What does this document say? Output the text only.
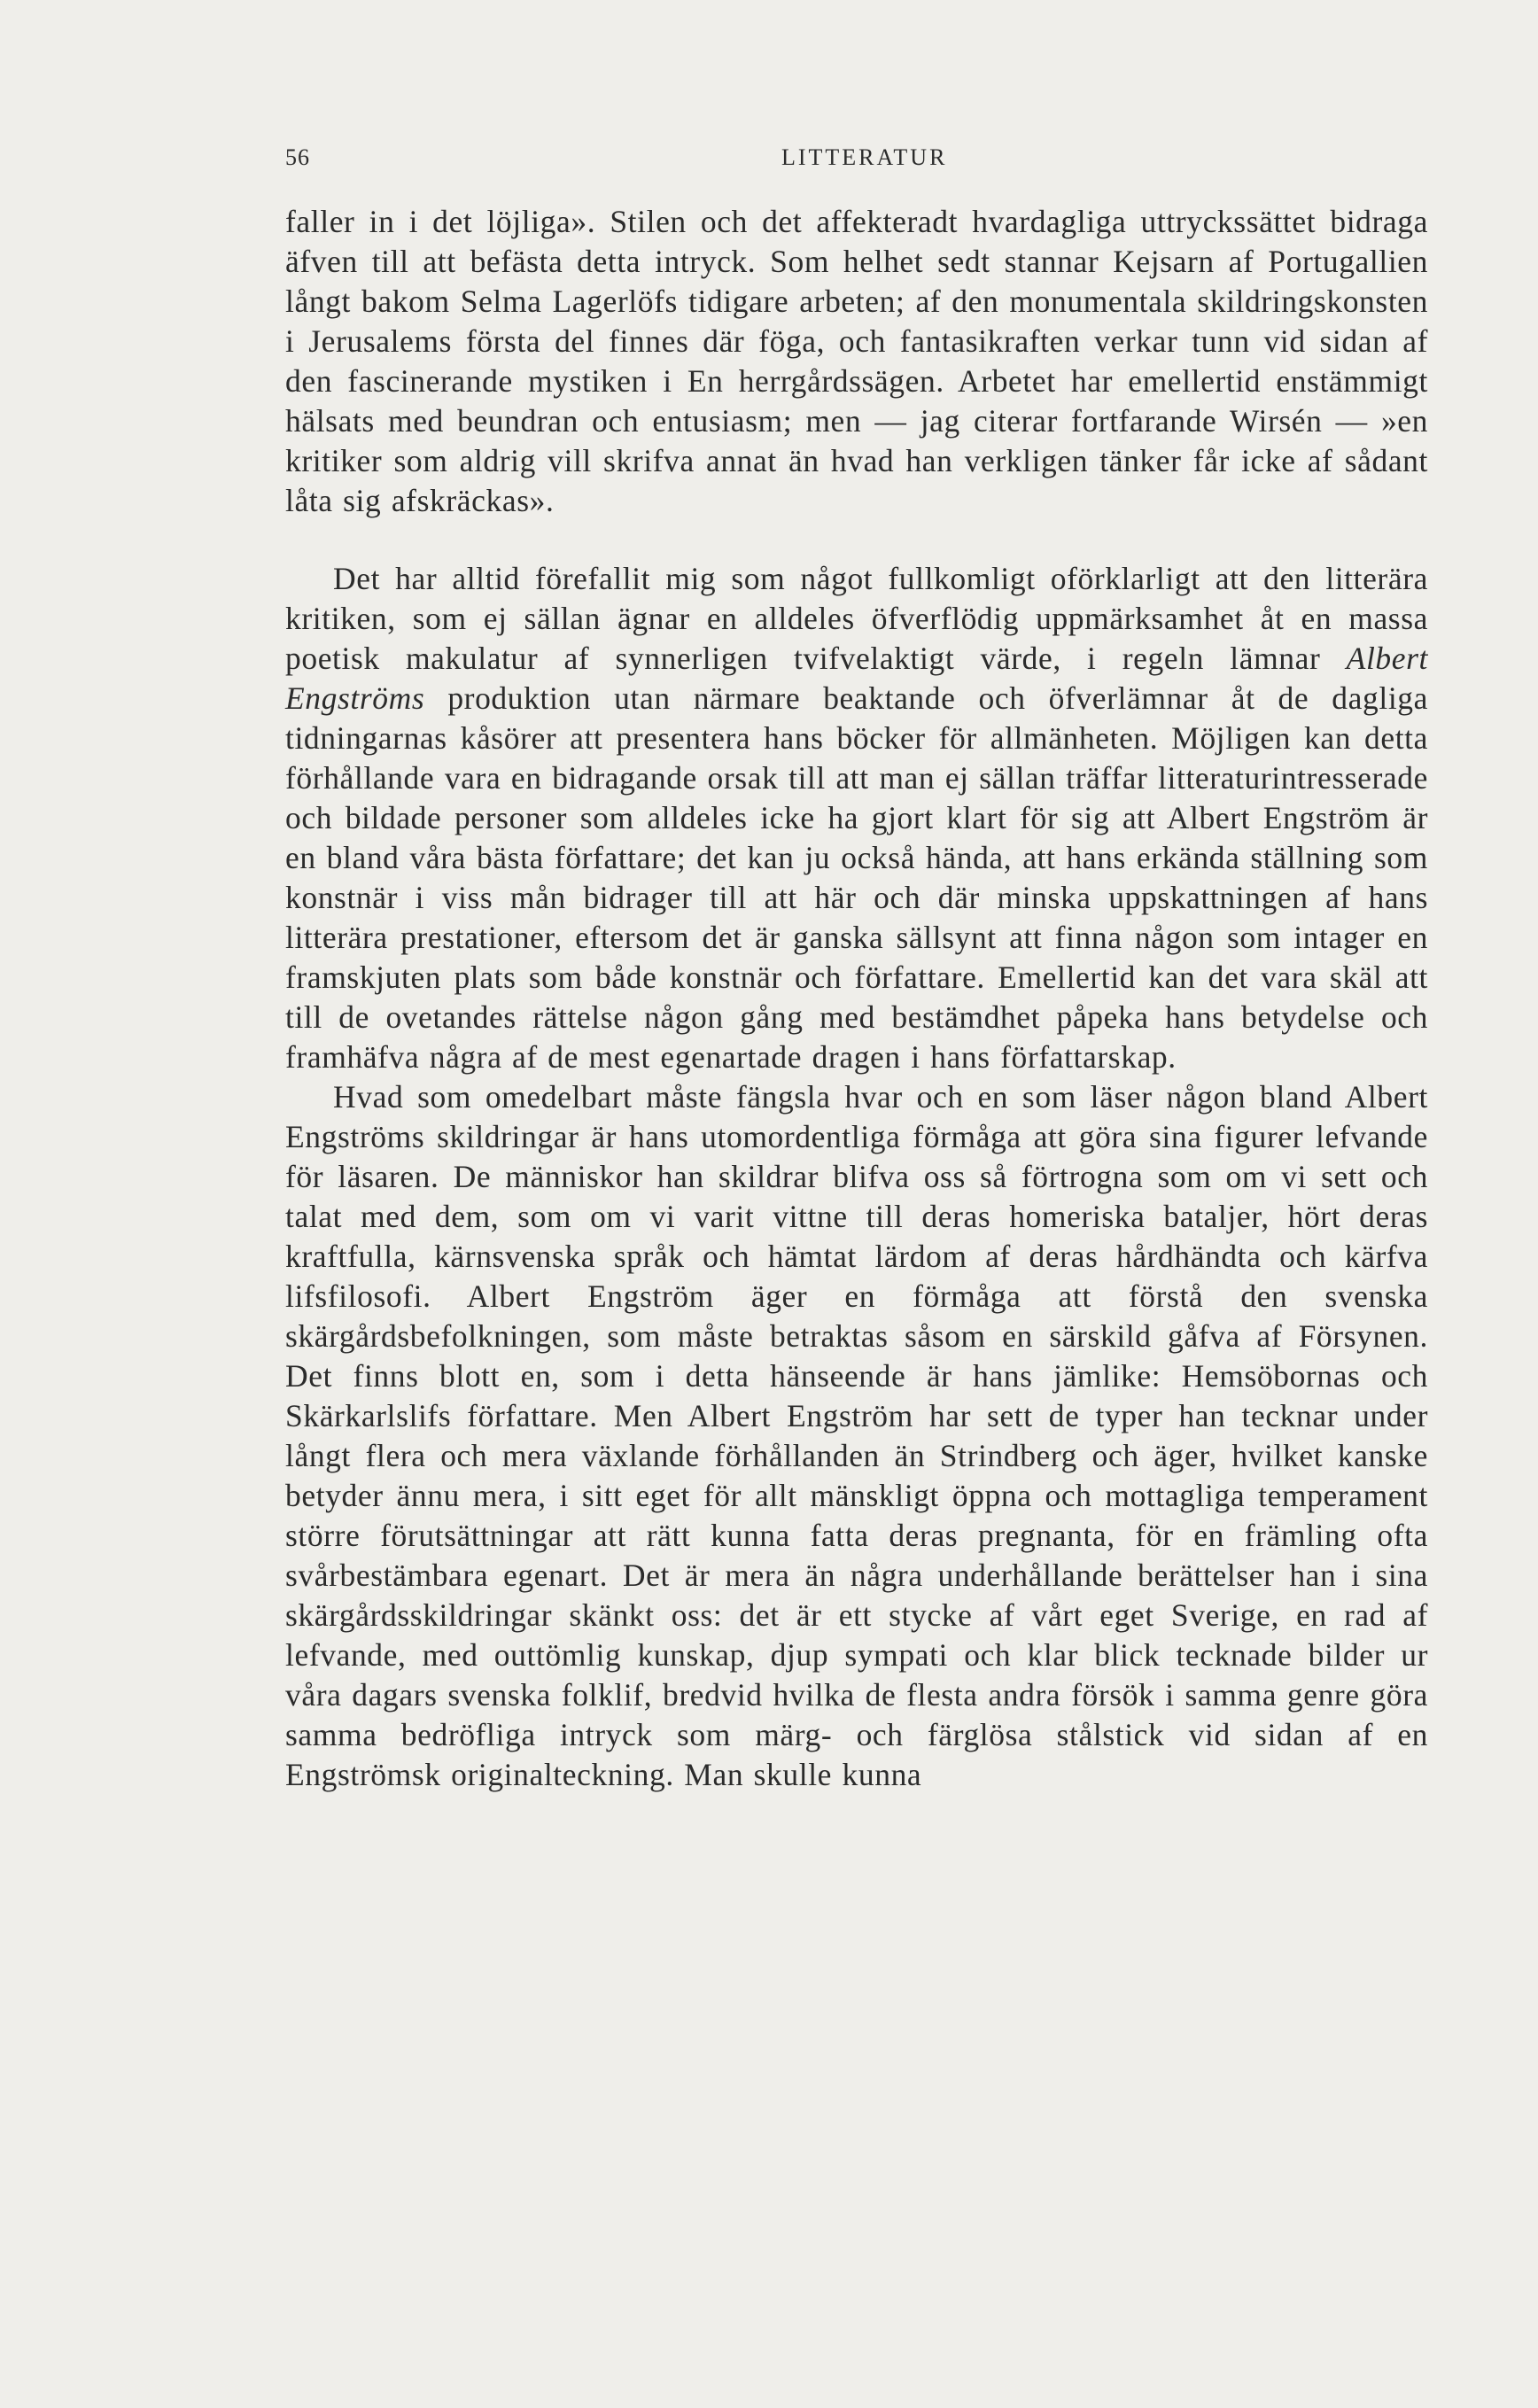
56	LITTERATUR

faller in i det löjliga». Stilen och det affekteradt hvardagliga uttryckssättet bidraga äfven till att befästa detta intryck. Som helhet sedt stannar Kejsarn af Portugallien långt bakom Selma Lagerlöfs tidigare arbeten; af den monumentala skildringskonsten i Jerusalems första del finnes där föga, och fantasikraften verkar tunn vid sidan af den fascinerande mystiken i En herrgårdssägen. Arbetet har emellertid enstämmigt hälsats med beundran och entusiasm; men — jag citerar fortfarande Wirsén — »en kritiker som aldrig vill skrifva annat än hvad han verkligen tänker får icke af sådant låta sig afskräckas».

Det har alltid förefallit mig som något fullkomligt oförklarligt att den litterära kritiken, som ej sällan ägnar en alldeles öfverflödig uppmärksamhet åt en massa poetisk makulatur af synnerligen tvifvelaktigt värde, i regeln lämnar Albert Engströms produktion utan närmare beaktande och öfverlämnar åt de dagliga tidningarnas kåsörer att presentera hans böcker för allmänheten. Möjligen kan detta förhållande vara en bidragande orsak till att man ej sällan träffar litteraturintresserade och bildade personer som alldeles icke ha gjort klart för sig att Albert Engström är en bland våra bästa författare; det kan ju också hända, att hans erkända ställning som konstnär i viss mån bidrager till att här och där minska uppskattningen af hans litterära prestationer, eftersom det är ganska sällsynt att finna någon som intager en framskjuten plats som både konstnär och författare. Emellertid kan det vara skäl att till de ovetandes rättelse någon gång med bestämdhet påpeka hans betydelse och framhäfva några af de mest egenartade dragen i hans författarskap.

Hvad som omedelbart måste fängsla hvar och en som läser någon bland Albert Engströms skildringar är hans utomordentliga förmåga att göra sina figurer lefvande för läsaren. De människor han skildrar blifva oss så förtrogna som om vi sett och talat med dem, som om vi varit vittne till deras homeriska batalјer, hört deras kraftfulla, kärnsvenska språk och hämtat lärdom af deras hårdhändta och kärfva lifsfilosofi. Albert Engström äger en förmåga att förstå den svenska skärgårdsbefolkningen, som måste betraktas såsom en särskild gåfva af Försynen. Det finns blott en, som i detta hänseende är hans jämlike: Hemsöbornas och Skärkarlslifs författare. Men Albert Engström har sett de typer han tecknar under långt flera och mera växlande förhållanden än Strindberg och äger, hvilket kanske betyder ännu mera, i sitt eget för allt mänskligt öppna och mottagliga temperament större förutsättningar att rätt kunna fatta deras pregnanta, för en främling ofta svårbestämbara egenart. Det är mera än några underhållande berättelser han i sina skärgårdsskildringar skänkt oss: det är ett stycke af vårt eget Sverige, en rad af lefvande, med outtömlig kunskap, djup sympati och klar blick tecknade bilder ur våra dagars svenska folklif, bredvid hvilka de flesta andra försök i samma genre göra samma bedröfliga intryck som märg- och färglösa stålstick vid sidan af en Engströmsk originalteckning. Man skulle kunna
